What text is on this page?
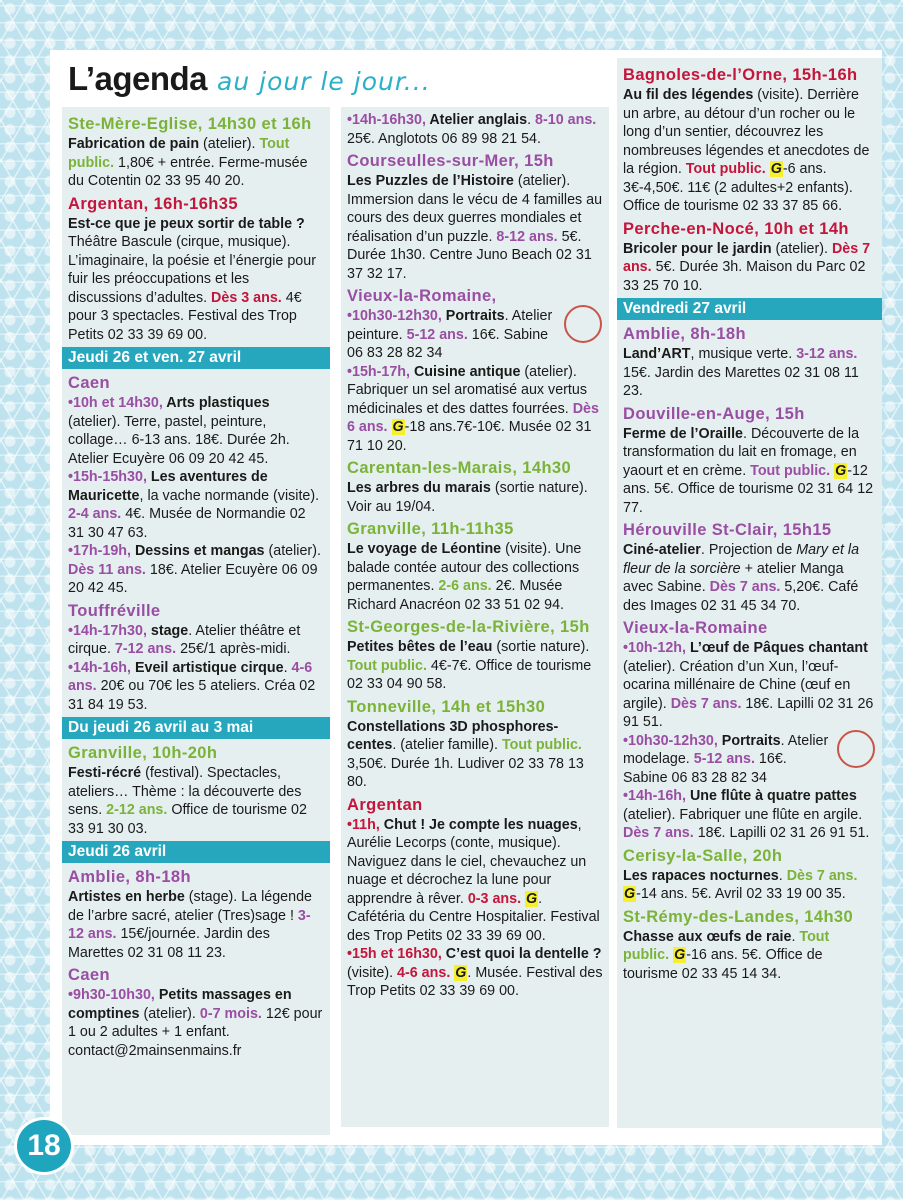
L’agenda au jour le jour...
Ste-Mère-Eglise, 14h30 et 16h

Fabrication de pain (atelier). Tout public. 1,80€ + entrée. Ferme-musée du Cotentin 02 33 95 40 20.

Argentan, 16h-16h35

Est-ce que je peux sortir de table ? Théâtre Bascule (cirque, musique). L’imaginaire, la poésie et l’énergie pour fuir les préoccupations et les discussions d’adultes. Dès 3 ans. 4€ pour 3 spectacles. Festival des Trop Petits 02 33 39 69 00.

Jeudi 26 et ven. 27 avril
Caen

•10h et 14h30, Arts plastiques (atelier). Terre, pastel, peinture, collage… 6-13 ans. 18€. Durée 2h. Atelier Ecuyère 06 09 20 42 45.

•15h-15h30, Les aventures de Mauricette, la vache normande (visite). 2-4 ans. 4€. Musée de Normandie 02 31 30 47 63.

•17h-19h, Dessins et mangas (atelier). Dès 11 ans. 18€. Atelier Ecuyère 06 09 20 42 45.

Touffréville

•14h-17h30, stage. Atelier théâtre et cirque. 7-12 ans. 25€/1 après-midi.

•14h-16h, Eveil artistique cirque. 4-6 ans. 20€ ou 70€ les 5 ateliers. Créa 02 31 84 19 53.

Du jeudi 26 avril au 3 mai
Granville, 10h-20h

Festi-récré (festival). Spectacles, ateliers… Thème : la découverte des sens. 2-12 ans. Office de tourisme 02 33 91 30 03.

Jeudi 26 avril
Amblie, 8h-18h

Artistes en herbe (stage). La légende de l’arbre sacré, atelier (Tres)sage ! 3-12 ans. 15€/journée. Jardin des Marettes 02 31 08 11 23.

Caen

•9h30-10h30, Petits massages en comptines (atelier). 0-7 mois. 12€ pour 1 ou 2 adultes + 1 enfant. contact@2mainsenmains.fr

•14h-16h30, Atelier anglais. 8-10 ans. 25€. Anglotots 06 89 98 21 54.

Courseulles-sur-Mer, 15h

Les Puzzles de l’Histoire (atelier). Immersion dans le vécu de 4 familles au cours des deux guerres mondiales et réalisation d’un puzzle. 8-12 ans. 5€. Durée 1h30. Centre Juno Beach 02 31 37 32 17.

Vieux-la-Romaine,

•10h30-12h30, Portraits. Atelier peinture. 5-12 ans. 16€. Sabine 06 83 28 82 34

•15h-17h, Cuisine antique (atelier). Fabriquer un sel aromatisé aux vertus médicinales et des dattes fourrées. Dès 6 ans. G-18 ans.7€-10€. Musée 02 31 71 10 20.

Carentan-les-Marais, 14h30

Les arbres du marais (sortie nature). Voir au 19/04.

Granville, 11h-11h35

Le voyage de Léontine (visite). Une balade contée autour des collections permanentes. 2-6 ans. 2€. Musée Richard Anacréon 02 33 51 02 94.

St-Georges-de-la-Rivière, 15h

Petites bêtes de l’eau (sortie nature). Tout public. 4€-7€. Office de tourisme 02 33 04 90 58.

Tonneville, 14h et 15h30

Constellations 3D phosphores-centes. (atelier famille). Tout public. 3,50€. Durée 1h. Ludiver 02 33 78 13 80.

Argentan

•11h, Chut ! Je compte les nuages, Aurélie Lecorps (conte, musique). Naviguez dans le ciel, chevauchez un nuage et décrochez la lune pour apprendre à rêver. 0-3 ans. G. Cafétéria du Centre Hospitalier. Festival des Trop Petits 02 33 39 69 00.

•15h et 16h30, C’est quoi la dentelle ? (visite). 4-6 ans. G. Musée. Festival des Trop Petits 02 33 39 69 00.

Bagnoles-de-l’Orne, 15h-16h

Au fil des légendes (visite). Derrière un arbre, au détour d’un rocher ou le long d’un sentier, découvrez les nombreuses légendes et anecdotes de la région. Tout public. G-6 ans. 3€-4,50€. 11€ (2 adultes+2 enfants). Office de tourisme 02 33 37 85 66.

Perche-en-Nocé, 10h et 14h

Bricoler pour le jardin (atelier). Dès 7 ans. 5€. Durée 3h. Maison du Parc 02 33 25 70 10.

Vendredi 27 avril
Amblie, 8h-18h

Land’ART, musique verte. 3-12 ans. 15€. Jardin des Marettes 02 31 08 11 23.

Douville-en-Auge, 15h

Ferme de l’Oraille. Découverte de la transformation du lait en fromage, en yaourt et en crème. Tout public. G-12 ans. 5€. Office de tourisme 02 31 64 12 77.

Hérouville St-Clair, 15h15

Ciné-atelier. Projection de Mary et la fleur de la sorcière + atelier Manga avec Sabine. Dès 7 ans. 5,20€. Café des Images 02 31 45 34 70.

Vieux-la-Romaine

•10h-12h, L’œuf de Pâques chantant (atelier). Création d’un Xun, l’œuf-ocarina millénaire de Chine (œuf en argile). Dès 7 ans. 18€. Lapilli 02 31 26 91 51.

•10h30-12h30, Portraits. Atelier modelage. 5-12 ans. 16€. Sabine 06 83 28 82 34

•14h-16h, Une flûte à quatre pattes (atelier). Fabriquer une flûte en argile. Dès 7 ans. 18€. Lapilli 02 31 26 91 51.

Cerisy-la-Salle, 20h

Les rapaces nocturnes. Dès 7 ans. G-14 ans. 5€. Avril 02 33 19 00 35.

St-Rémy-des-Landes, 14h30

Chasse aux œufs de raie. Tout public. G-16 ans. 5€. Office de tourisme 02 33 45 14 34.

18
